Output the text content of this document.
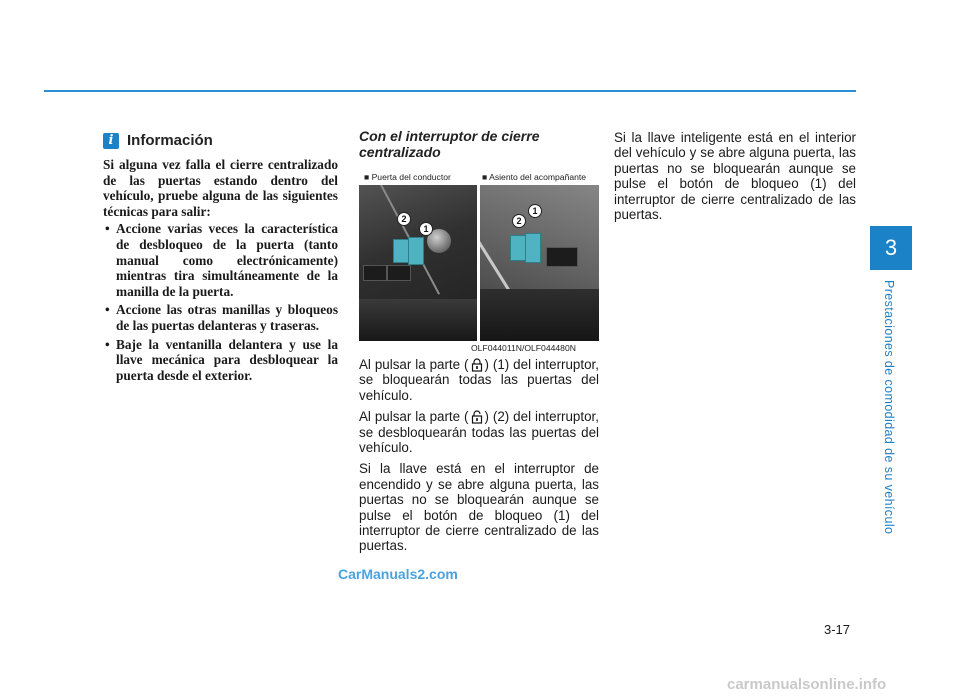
3
Prestaciones de comodidad de su vehículo
i Información
Si alguna vez falla el cierre centralizado de las puertas estando dentro del vehículo, pruebe alguna de las siguientes técnicas para salir:
• Accione varias veces la característica de desbloqueo de la puerta (tanto manual como electrónicamente) mientras tira simultáneamente de la manilla de la puerta.
• Accione las otras manillas y bloqueos de las puertas delanteras y traseras.
• Baje la ventanilla delantera y use la llave mecánica para desbloquear la puerta desde el exterior.
Con el interruptor de cierre centralizado
2
1
■ Puerta del conductor
2
1
■ Asiento del acompañante
OLF044011N/OLF044480N

Al pulsar la parte ( ) (1) del interruptor, se bloquearán todas las puertas del vehículo.

Al pulsar la parte ( ) (2) del interruptor, se desbloquearán todas las puertas del vehículo.

Si la llave está en el interruptor de encendido y se abre alguna puerta, las puertas no se bloquearán aunque se pulse el botón de bloqueo (1) del interruptor de cierre centralizado de las puertas.

Si la llave inteligente está en el interior del vehículo y se abre alguna puerta, las puertas no se bloquearán aunque se pulse el botón de bloqueo (1) del interruptor de cierre centralizado de las puertas.

3-17
CarManuals2.com
carmanualsonline.info
